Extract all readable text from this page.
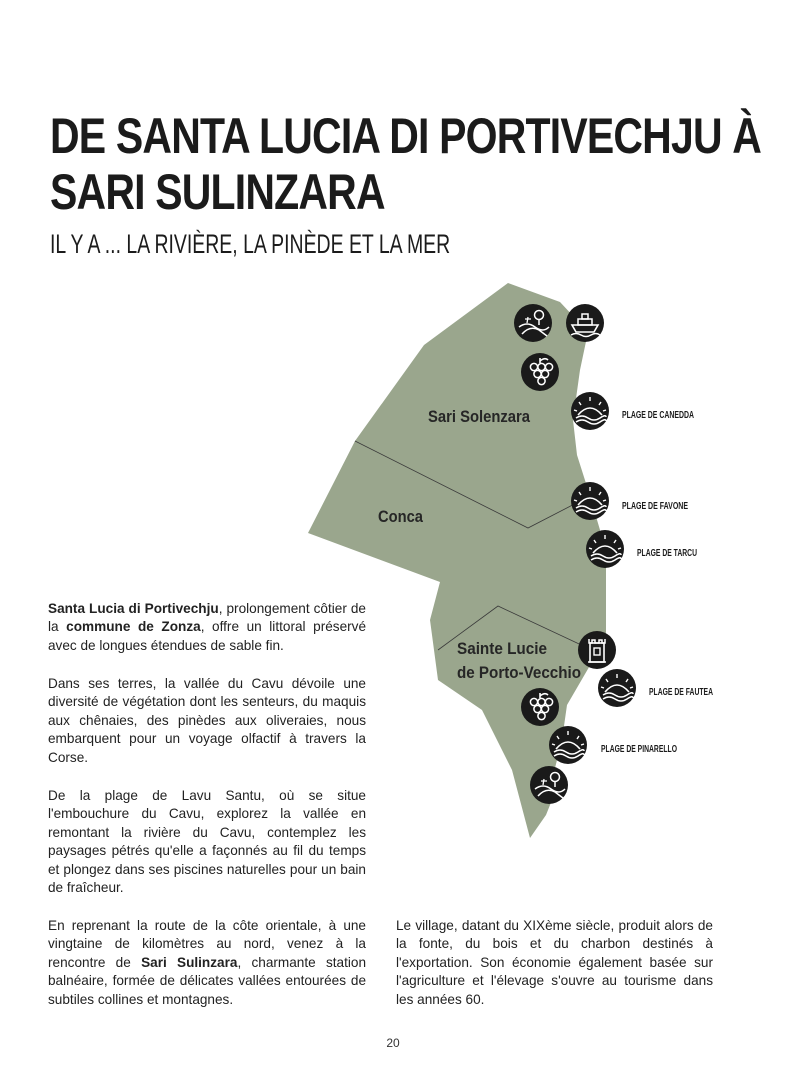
DE SANTA LUCIA DI PORTIVECHJU À
SARI SULINZARA
IL Y A ... LA RIVIÈRE, LA PINÈDE ET LA MER
Sari Solenzara
Conca
Sainte Lucie
de Porto-Vecchio
PLAGE DE CANEDDA
PLAGE DE FAVONE
PLAGE DE TARCU
PLAGE DE FAUTEA
PLAGE DE PINARELLO

Santa Lucia di Portivechju, prolongement côtier de la commune de Zonza, offre un littoral préservé avec de longues étendues de sable fin.

Dans ses terres, la vallée du Cavu dévoile une diversité de végétation dont les senteurs, du maquis aux chênaies, des pinèdes aux oliveraies, nous embarquent pour un voyage olfactif à travers la Corse.

De la plage de Lavu Santu, où se situe l'embouchure du Cavu, explorez la vallée en remontant la rivière du Cavu, contemplez les paysages pétrés qu'elle a façonnés au fil du temps et plongez dans ses piscines naturelles pour un bain de fraîcheur.

En reprenant la route de la côte orientale, à une vingtaine de kilomètres au nord, venez à la rencontre de Sari Sulinzara, charmante station balnéaire, formée de délicates vallées entourées de subtiles collines et montagnes.

Le village, datant du XIXème siècle, produit alors de la fonte, du bois et du charbon destinés à l'exportation. Son économie également basée sur l'agriculture et l'élevage s'ouvre au tourisme dans les années 60.

20
